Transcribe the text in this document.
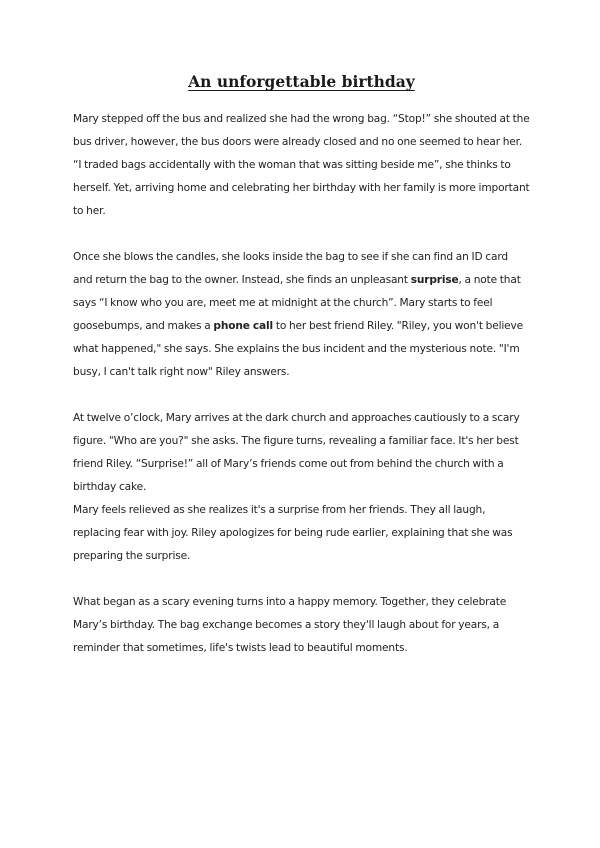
An unforgettable birthday

Mary stepped off the bus and realized she had the wrong bag. “Stop!” she shouted at the bus driver, however, the bus doors were already closed and no one seemed to hear her. “I traded bags accidentally with the woman that was sitting beside me”, she thinks to herself. Yet, arriving home and celebrating her birthday with her family is more important to her.

Once she blows the candles, she looks inside the bag to see if she can find an ID card and return the bag to the owner. Instead, she finds an unpleasant surprise, a note that says “I know who you are, meet me at midnight at the church”. Mary starts to feel goosebumps, and makes a phone call to her best friend Riley. "Riley, you won't believe what happened," she says. She explains the bus incident and the mysterious note. "I'm busy, I can't talk right now" Riley answers.

At twelve o’clock, Mary arrives at the dark church and approaches cautiously to a scary figure. "Who are you?" she asks. The figure turns, revealing a familiar face. It's her best friend Riley. “Surprise!” all of Mary’s friends come out from behind the church with a birthday cake.

Mary feels relieved as she realizes it's a surprise from her friends. They all laugh, replacing fear with joy. Riley apologizes for being rude earlier, explaining that she was preparing the surprise.

What began as a scary evening turns into a happy memory. Together, they celebrate Mary’s birthday. The bag exchange becomes a story they'll laugh about for years, a reminder that sometimes, life's twists lead to beautiful moments.
